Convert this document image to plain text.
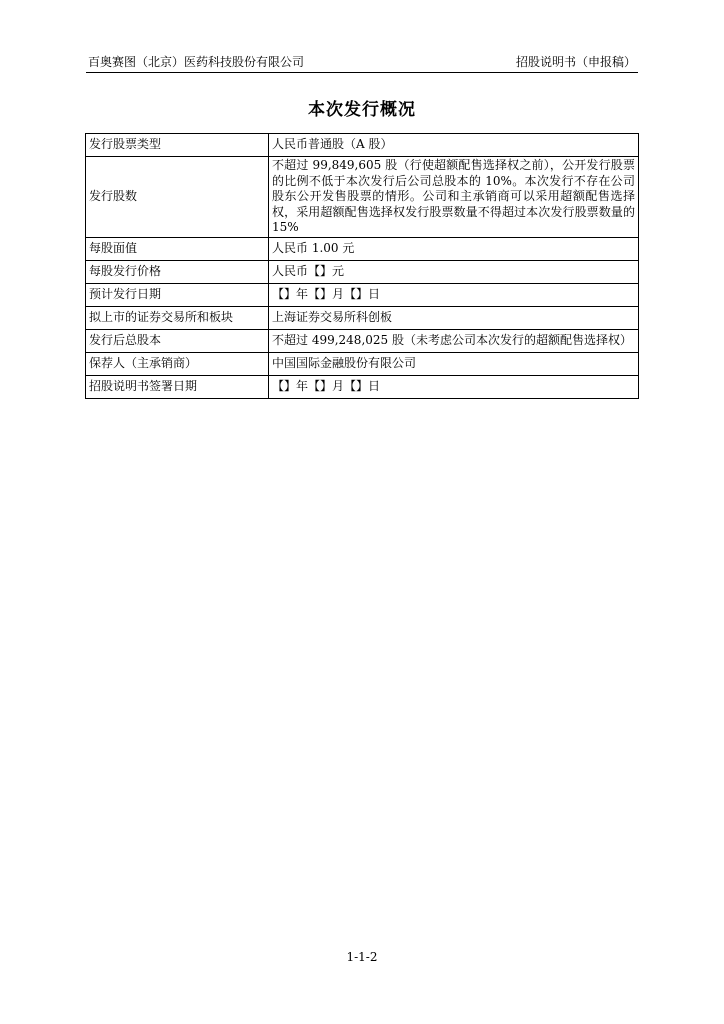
百奥赛图（北京）医药科技股份有限公司	招股说明书（申报稿）
本次发行概况
发行股票类型	人民币普通股（A 股）
发行股数	不超过 99,849,605 股（行使超额配售选择权之前），公开发行股票的比例不低于本次发行后公司总股本的 10%。本次发行不存在公司股东公开发售股票的情形。公司和主承销商可以采用超额配售选择权，采用超额配售选择权发行股票数量不得超过本次发行股票数量的 15%
每股面值	人民币 1.00 元
每股发行价格	人民币【】元
预计发行日期	【】年【】月【】日
拟上市的证券交易所和板块	上海证券交易所科创板
发行后总股本	不超过 499,248,025 股（未考虑公司本次发行的超额配售选择权）
保荐人（主承销商）	中国国际金融股份有限公司
招股说明书签署日期	【】年【】月【】日
1-1-2
